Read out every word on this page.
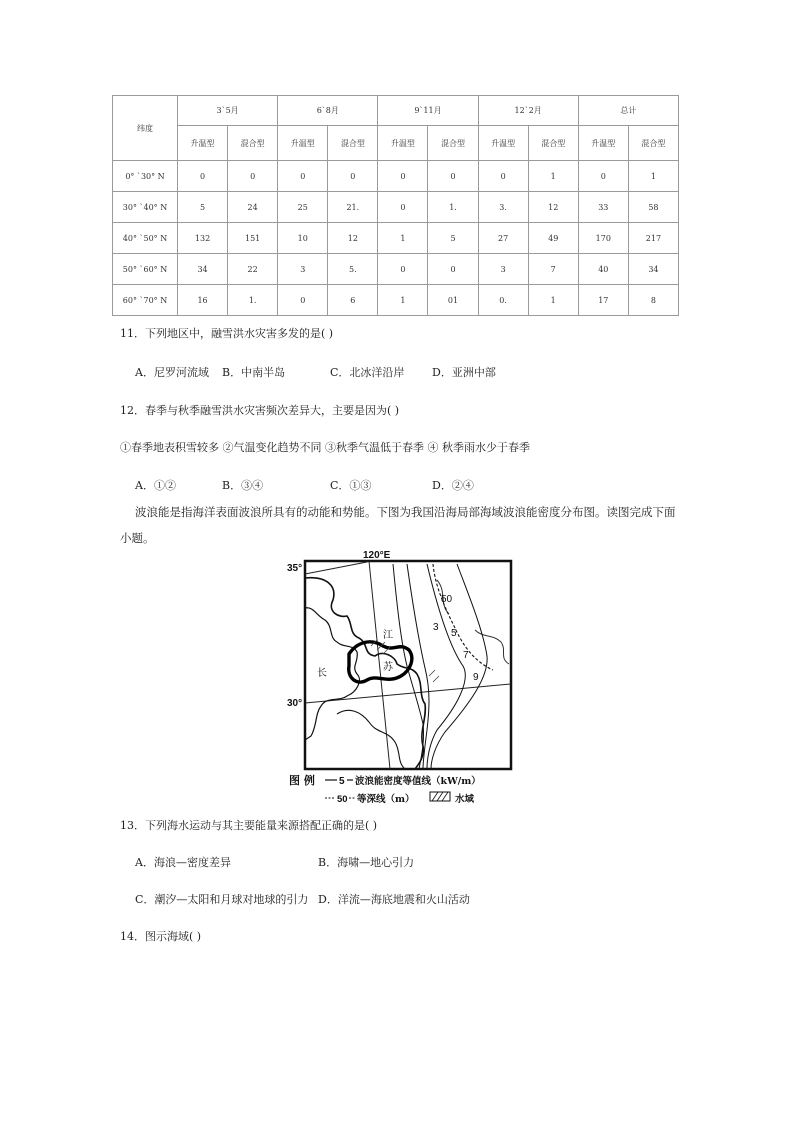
纬度	3`5月		6`8月		9`11月		12`2月		总计	
	升温型	混合型	升温型	混合型	升温型	混合型	升温型	混合型	升温型	混合型
0° `30° N	0	0	0	0	0	0	0	1	0	1
30° `40° N	5	24	25	21.	0	1.	3.	12	33	58
40° `50° N	132	151	10	12	1	5	27	49	170	217
50° `60° N	34	22	3	5.	0	0	3	7	40	34
60° `70° N	16	1.	0	6	1	01	0.	1	17	8
11．下列地区中，融雪洪水灾害多发的是( )
A．尼罗河流域 B．中南半岛	C．北冰洋沿岸	D．亚洲中部
12．春季与秋季融雪洪水灾害频次差异大，主要是因为( )
①春季地表积雪较多 ②气温变化趋势不同 ③秋季气温低于春季 ④ 秋季雨水少于春季
A．①②	B．③④	C．①③	D．②④
波浪能是指海洋表面波浪所具有的动能和势能。下图为我国沿海局部海域波浪能密度分布图。读图完成下面
小题。
120°E
35°
30°
50
3
5
7
9
江
长
苏
图 例 5 波浪能密度等值线（kW/m）
50 等深线（m）	水域
13．下列海水运动与其主要能量来源搭配正确的是( )
A．海浪—密度差异	B．海啸—地心引力
C．潮汐—太阳和月球对地球的引力 D．洋流—海底地震和火山活动
14．图示海域( )
